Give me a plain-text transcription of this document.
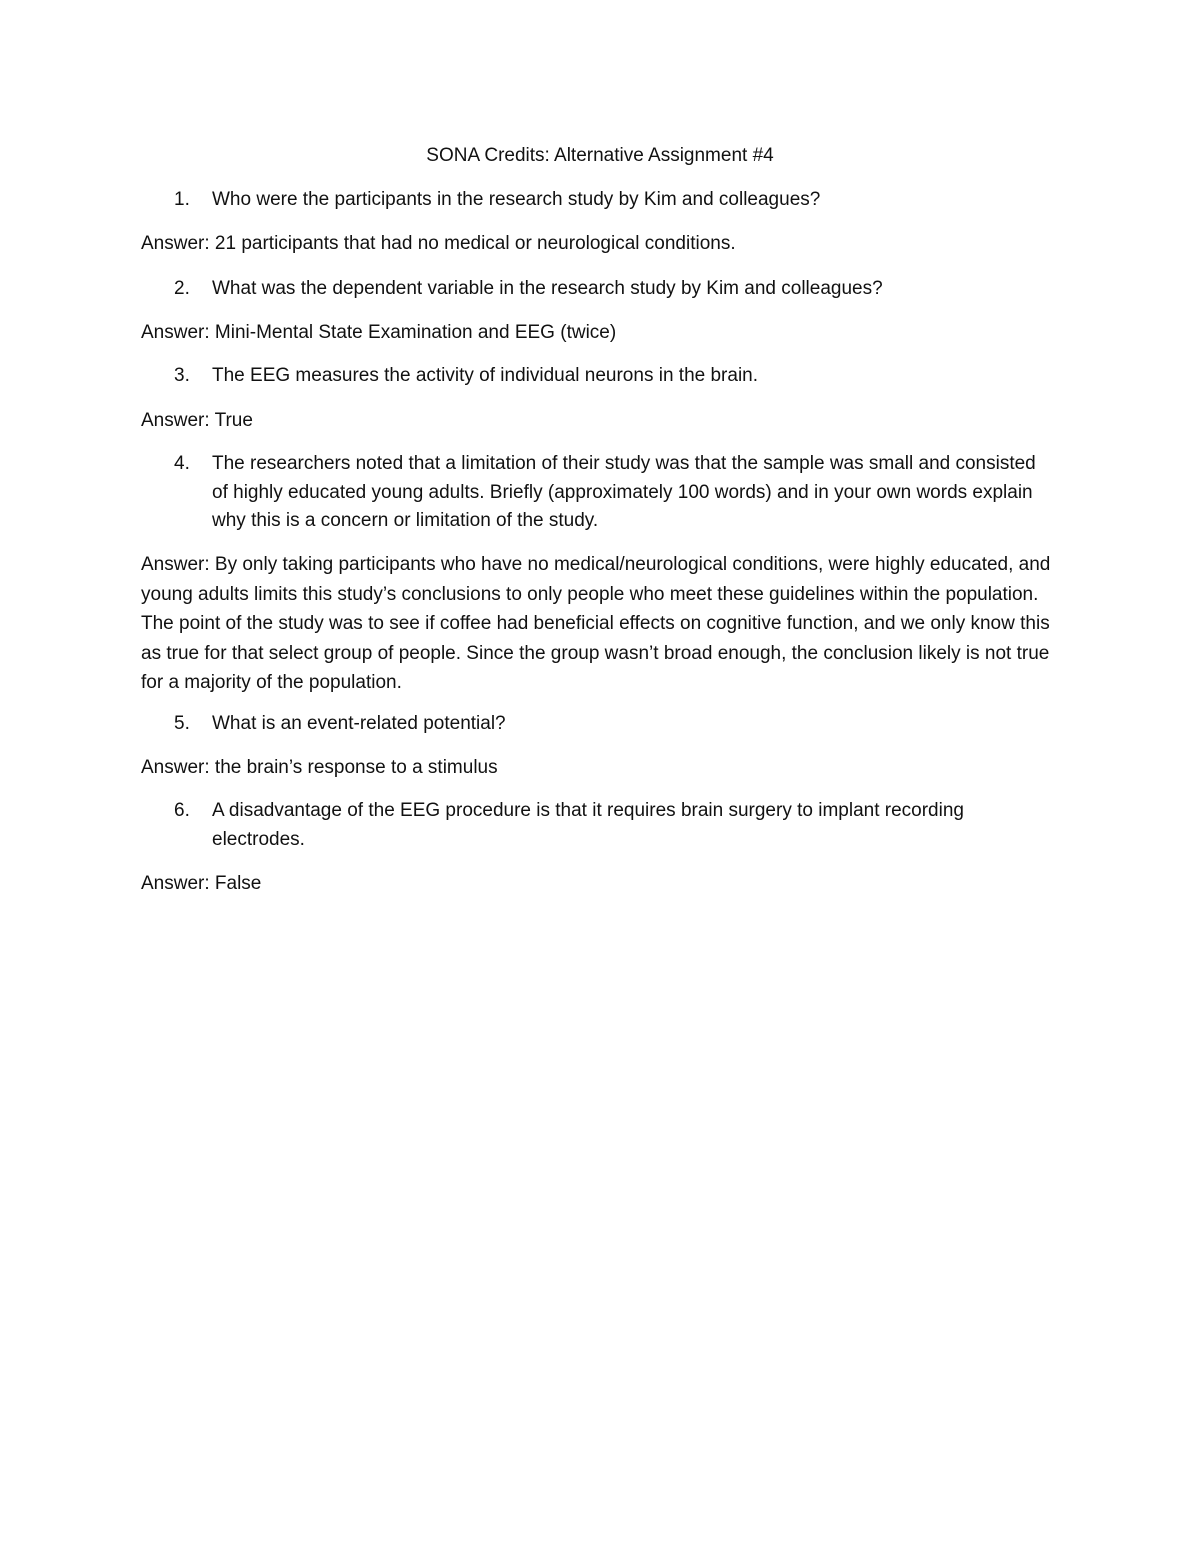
SONA Credits: Alternative Assignment #4
1. Who were the participants in the research study by Kim and colleagues?
Answer: 21 participants that had no medical or neurological conditions.
2. What was the dependent variable in the research study by Kim and colleagues?
Answer: Mini-Mental State Examination and EEG (twice)
3. The EEG measures the activity of individual neurons in the brain.
Answer: True
4. The researchers noted that a limitation of their study was that the sample was small and consisted of highly educated young adults. Briefly (approximately 100 words) and in your own words explain why this is a concern or limitation of the study.
Answer: By only taking participants who have no medical/neurological conditions, were highly educated, and young adults limits this study’s conclusions to only people who meet these guidelines within the population. The point of the study was to see if coffee had beneficial effects on cognitive function, and we only know this as true for that select group of people. Since the group wasn’t broad enough, the conclusion likely is not true for a majority of the population.
5. What is an event-related potential?
Answer: the brain’s response to a stimulus
6. A disadvantage of the EEG procedure is that it requires brain surgery to implant recording electrodes.
Answer: False
